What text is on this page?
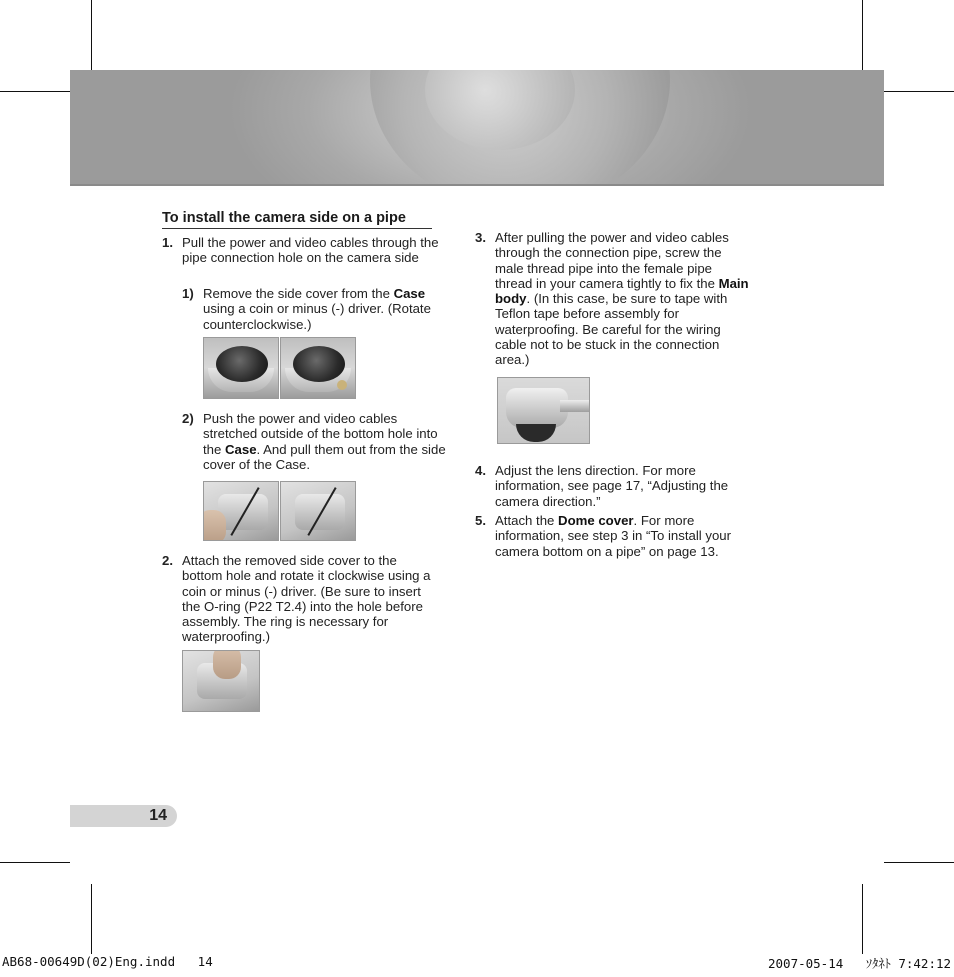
To install the camera side on a pipe
1. Pull the power and video cables through the pipe connection hole on the camera side
1) Remove the side cover from the Case using a coin or minus (-) driver. (Rotate counterclockwise.)
2) Push the power and video cables stretched outside of the bottom hole into the Case. And pull them out from the side cover of the Case.
2. Attach the removed side cover to the bottom hole and rotate it clockwise using a coin or minus (-) driver. (Be sure to insert the O-ring (P22 T2.4) into the hole before assembly. The ring is necessary for waterproofing.)
3. After pulling the power and video cables through the connection pipe, screw the male thread pipe into the female pipe thread in your camera tightly to fix the Main body. (In this case, be sure to tape with Teflon tape before assembly for waterproofing. Be careful for the wiring cable not to be stuck in the connection area.)
4. Adjust the lens direction. For more information, see page 17, “Adjusting the camera direction.”
5. Attach the Dome cover. For more information, see step 3 in “To install your camera bottom on a pipe” on page 13.
14
AB68-00649D(02)Eng.indd   14	2007-05-14   ｿﾀﾈﾄ 7:42:12
